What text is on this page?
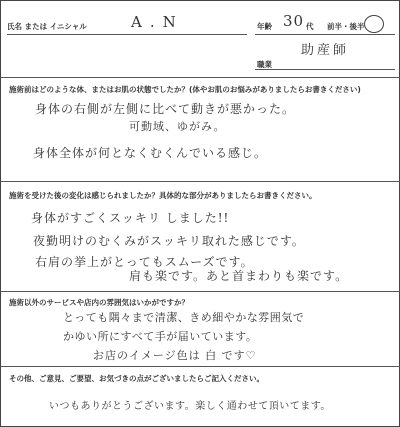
氏名 または イニシャル	A.N	年齢 30 代 前半・後半
助産師
職業
施術前はどのような体、またはお肌の状態でしたか？(体やお肌のお悩みがありましたらお書きください)
身体の右側が左側に比べて動きが悪かった。
可動域、ゆがみ。
身体全体が何となくむくんでいる感じ。
施術を受けた後の変化は感じられましたか？具体的な部分がありましたらお書きください。
身体がすごくスッキリ しました!!
夜勤明けのむくみがスッキリ取れた感じです。
右肩の挙上がとってもスムーズです。
肩も楽です。あと首まわりも楽です。
施術以外のサービスや店内の雰囲気はいかがですか？
とっても隅々まで清潔、きめ細やかな雰囲気で
かゆい所にすべて手が届いています。
お店のイメージ色は 白 です♡
その他、ご意見、ご要望、お気づきの点がございましたらご記入ください。
いつもありがとうございます。楽しく通わせて頂いてます。
